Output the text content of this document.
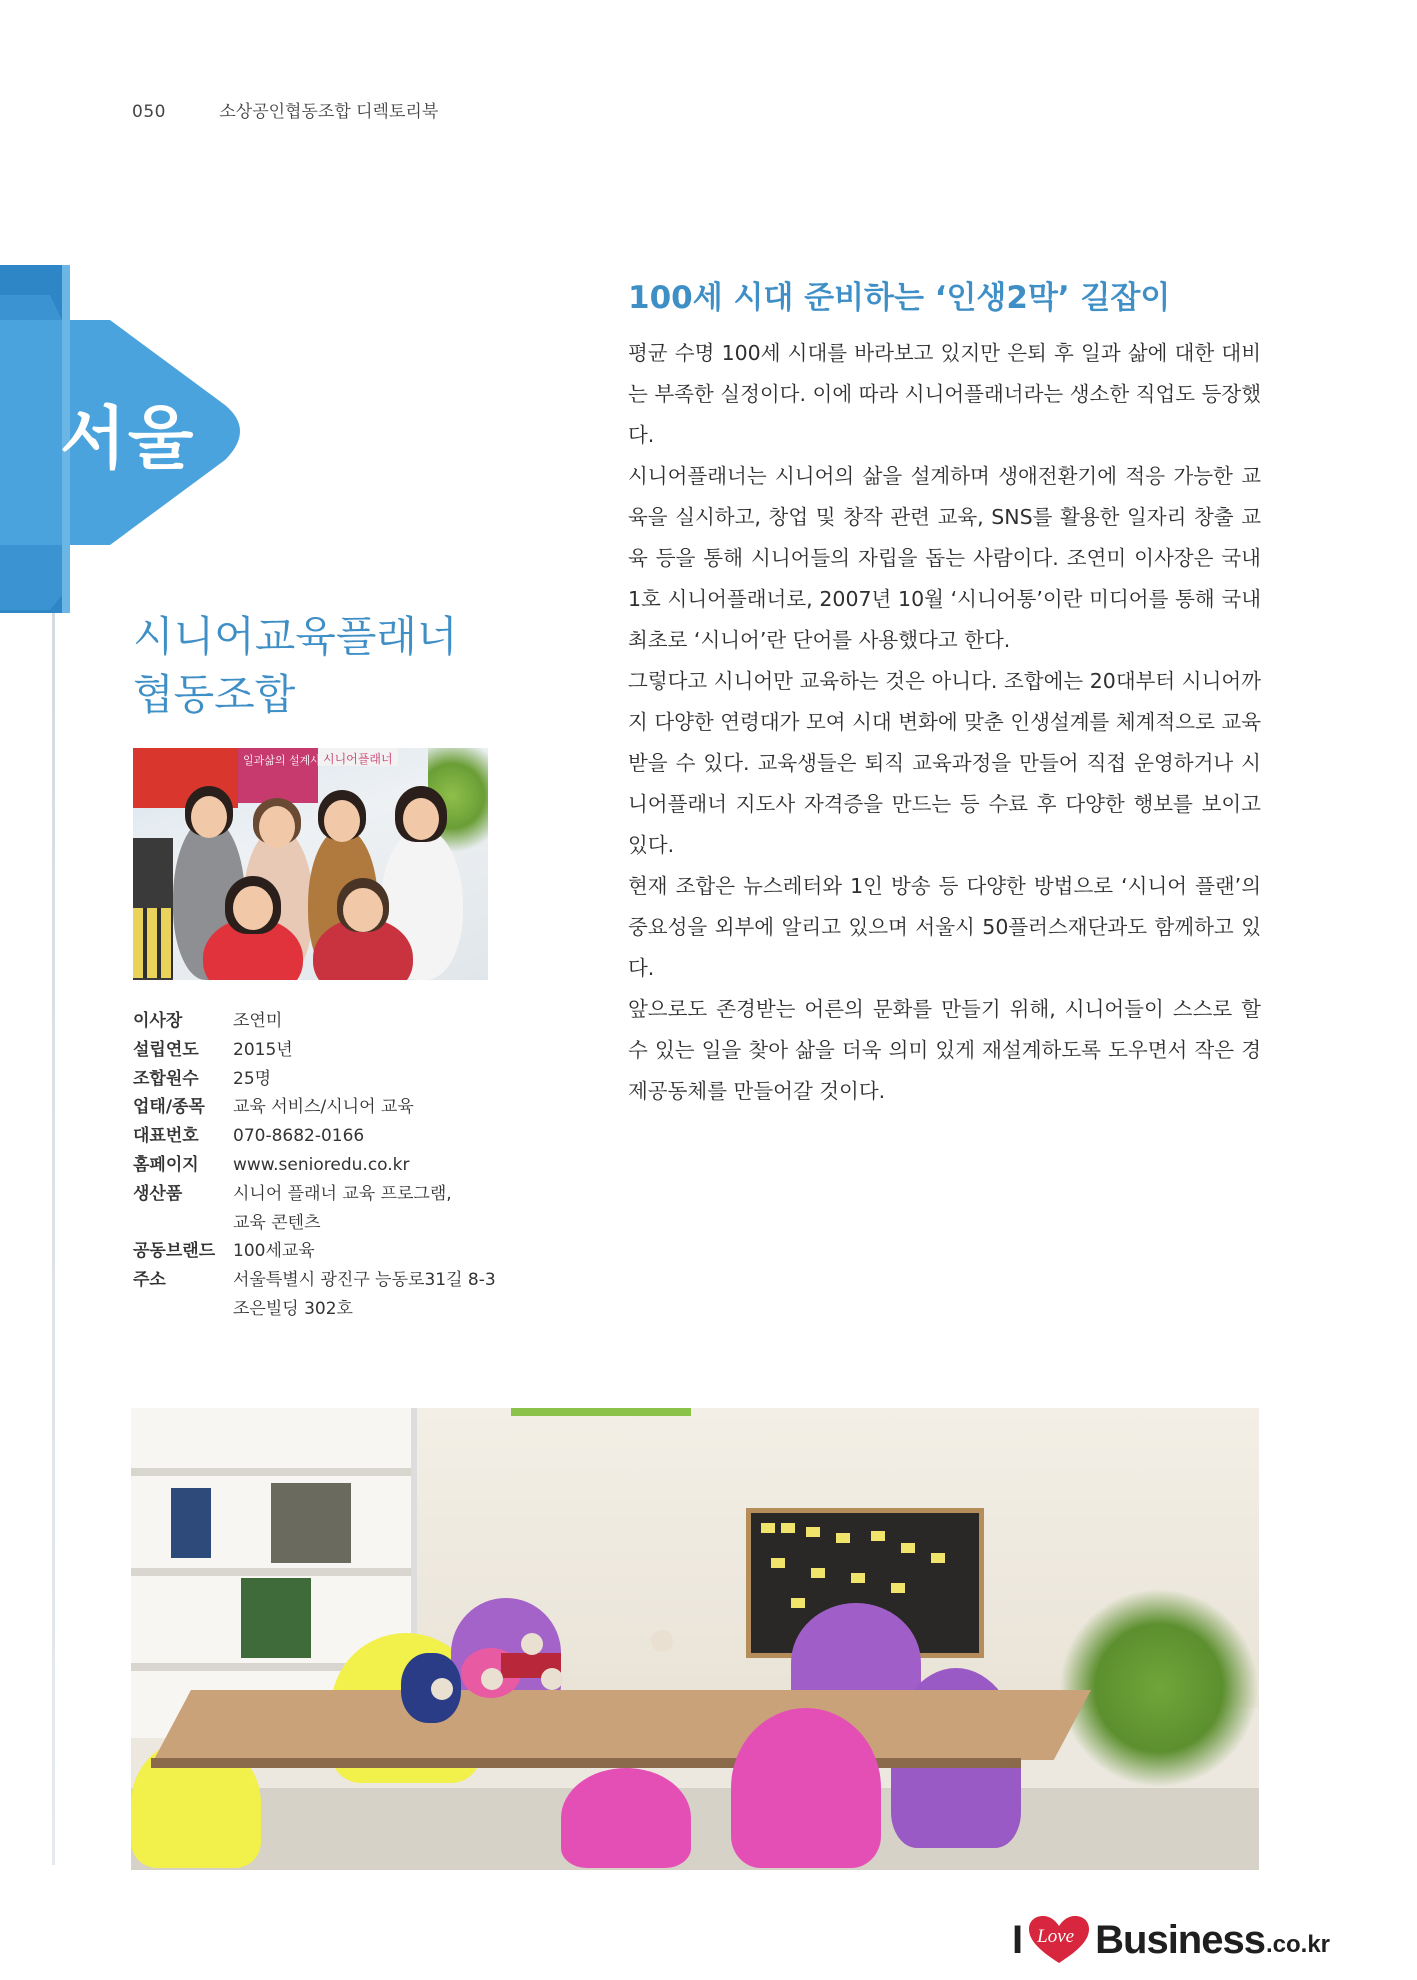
050	소상공인협동조합 디렉토리북
서울
시니어교육플래너
협동조합
일과삶의 설계사 시니어플래너
이사장	조연미
설립연도	2015년
조합원수	25명
업태/종목	교육 서비스/시니어 교육
대표번호	070-8682-0166
홈페이지	www.senioredu.co.kr
생산품	시니어 플래너 교육 프로그램,
교육 콘텐츠
공동브랜드	100세교육
주소	서울특별시 광진구 능동로31길 8-3
조은빌딩 302호
100세 시대 준비하는 ‘인생2막’ 길잡이

평균 수명 100세 시대를 바라보고 있지만 은퇴 후 일과 삶에 대한 대비는 부족한 실정이다. 이에 따라 시니어플래너라는 생소한 직업도 등장했다.

시니어플래너는 시니어의 삶을 설계하며 생애전환기에 적응 가능한 교육을 실시하고, 창업 및 창작 관련 교육, SNS를 활용한 일자리 창출 교육 등을 통해 시니어들의 자립을 돕는 사람이다. 조연미 이사장은 국내 1호 시니어플래너로, 2007년 10월 ‘시니어통’이란 미디어를 통해 국내 최초로 ‘시니어’란 단어를 사용했다고 한다.

그렇다고 시니어만 교육하는 것은 아니다. 조합에는 20대부터 시니어까지 다양한 연령대가 모여 시대 변화에 맞춘 인생설계를 체계적으로 교육받을 수 있다. 교육생들은 퇴직 교육과정을 만들어 직접 운영하거나 시니어플래너 지도사 자격증을 만드는 등 수료 후 다양한 행보를 보이고 있다.

현재 조합은 뉴스레터와 1인 방송 등 다양한 방법으로 ‘시니어 플랜’의 중요성을 외부에 알리고 있으며 서울시 50플러스재단과도 함께하고 있다.

앞으로도 존경받는 어른의 문화를 만들기 위해, 시니어들이 스스로 할 수 있는 일을 찾아 삶을 더욱 의미 있게 재설계하도록 도우면서 작은 경제공동체를 만들어갈 것이다.

I Love Business .co.kr
